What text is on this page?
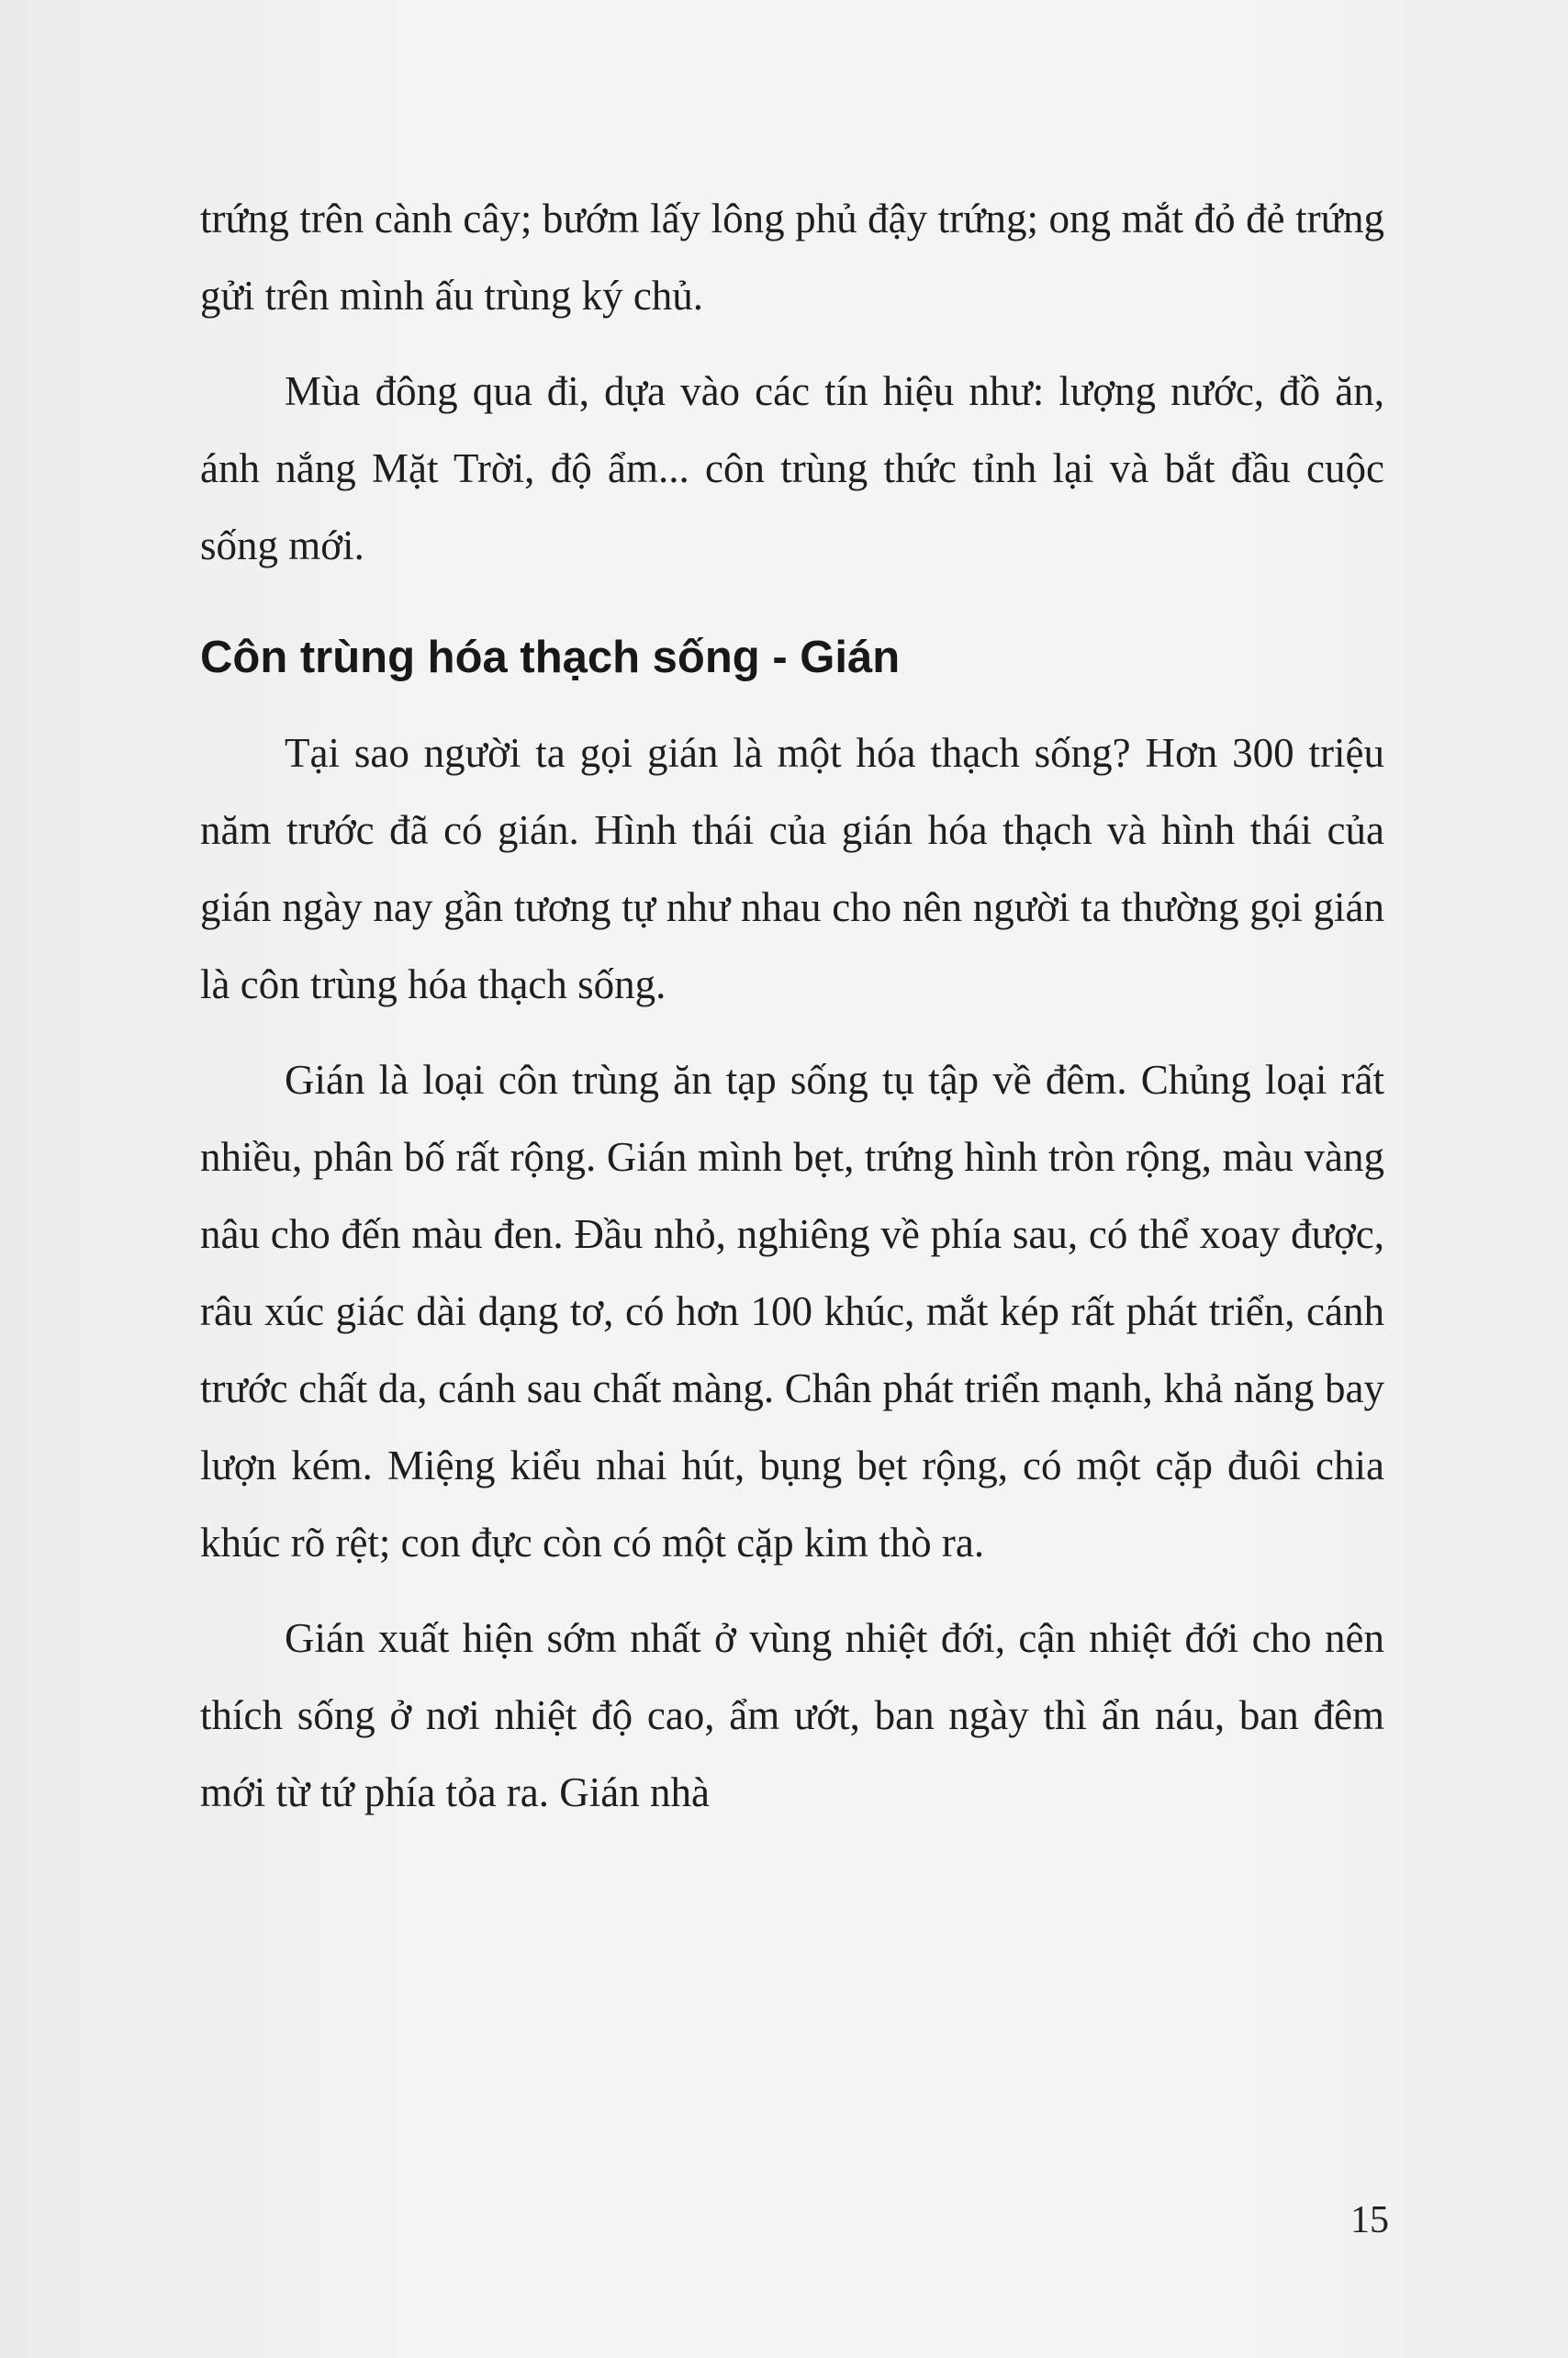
trứng trên cành cây; bướm lấy lông phủ đậy trứng; ong mắt đỏ đẻ trứng gửi trên mình ấu trùng ký chủ.

Mùa đông qua đi, dựa vào các tín hiệu như: lượng nước, đồ ăn, ánh nắng Mặt Trời, độ ẩm... côn trùng thức tỉnh lại và bắt đầu cuộc sống mới.

Côn trùng hóa thạch sống - Gián

Tại sao người ta gọi gián là một hóa thạch sống? Hơn 300 triệu năm trước đã có gián. Hình thái của gián hóa thạch và hình thái của gián ngày nay gần tương tự như nhau cho nên người ta thường gọi gián là côn trùng hóa thạch sống.

Gián là loại côn trùng ăn tạp sống tụ tập về đêm. Chủng loại rất nhiều, phân bố rất rộng. Gián mình bẹt, trứng hình tròn rộng, màu vàng nâu cho đến màu đen. Đầu nhỏ, nghiêng về phía sau, có thể xoay được, râu xúc giác dài dạng tơ, có hơn 100 khúc, mắt kép rất phát triển, cánh trước chất da, cánh sau chất màng. Chân phát triển mạnh, khả năng bay lượn kém. Miệng kiểu nhai hút, bụng bẹt rộng, có một cặp đuôi chia khúc rõ rệt; con đực còn có một cặp kim thò ra.

Gián xuất hiện sớm nhất ở vùng nhiệt đới, cận nhiệt đới cho nên thích sống ở nơi nhiệt độ cao, ẩm ướt, ban ngày thì ẩn náu, ban đêm mới từ tứ phía tỏa ra. Gián nhà

15
